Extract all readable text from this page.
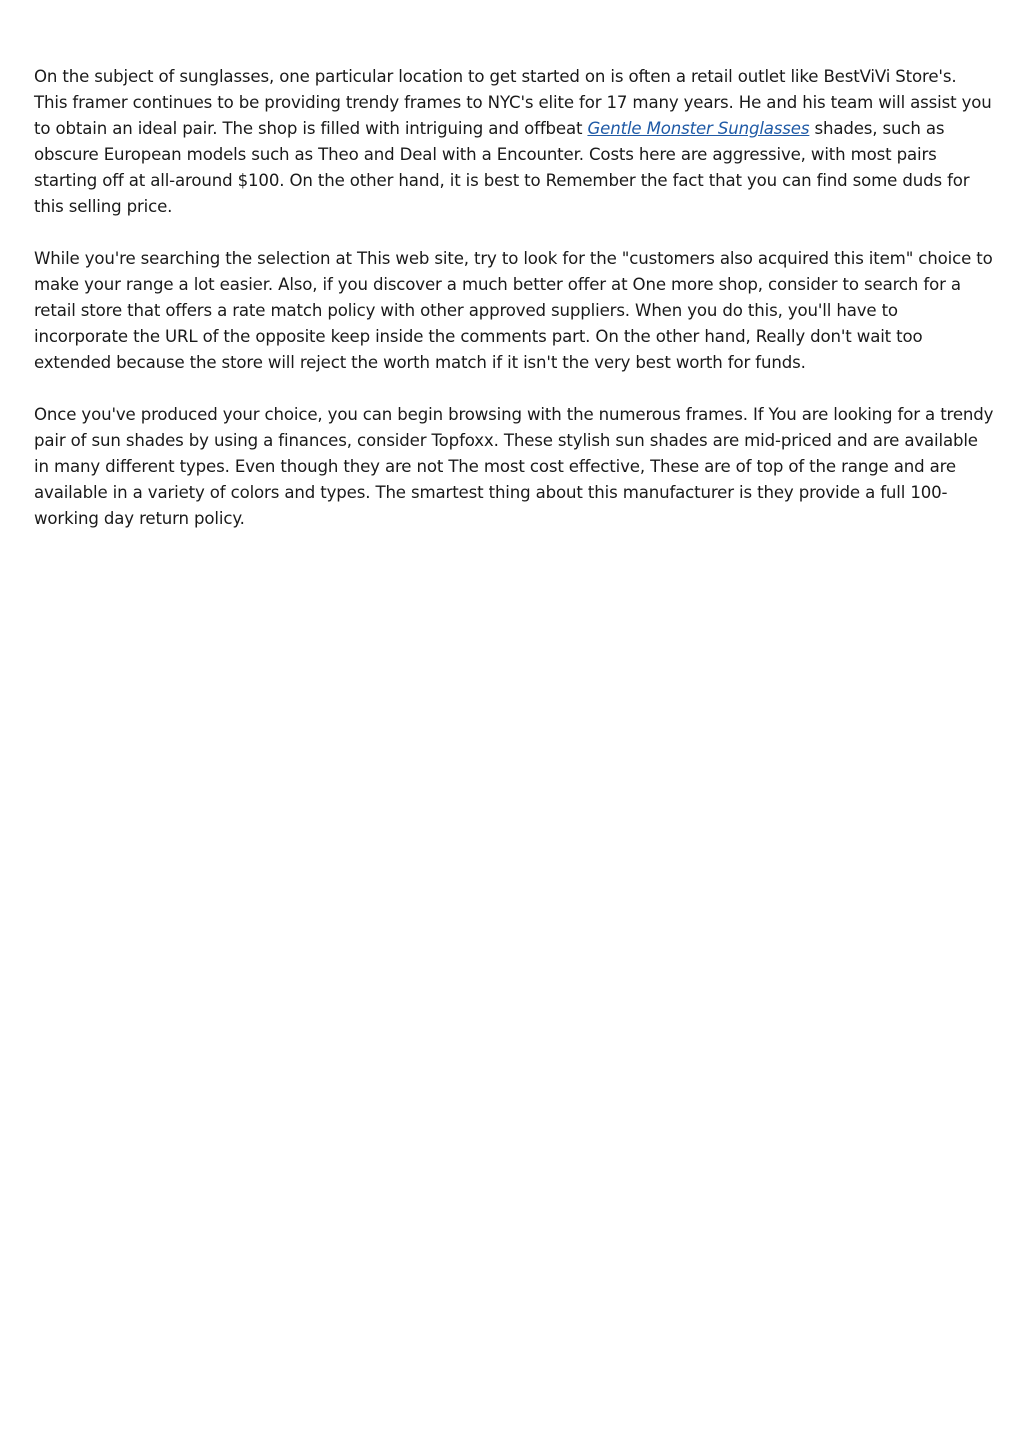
On the subject of sunglasses, one particular location to get started on is often a retail outlet like BestViVi Store's. This framer continues to be providing trendy frames to NYC's elite for 17 many years. He and his team will assist you to obtain an ideal pair. The shop is filled with intriguing and offbeat Gentle Monster Sunglasses shades, such as obscure European models such as Theo and Deal with a Encounter. Costs here are aggressive, with most pairs starting off at all-around $100. On the other hand, it is best to Remember the fact that you can find some duds for this selling price.

While you're searching the selection at This web site, try to look for the "customers also acquired this item" choice to make your range a lot easier. Also, if you discover a much better offer at One more shop, consider to search for a retail store that offers a rate match policy with other approved suppliers. When you do this, you'll have to incorporate the URL of the opposite keep inside the comments part. On the other hand, Really don't wait too extended because the store will reject the worth match if it isn't the very best worth for funds.

Once you've produced your choice, you can begin browsing with the numerous frames. If You are looking for a trendy pair of sun shades by using a finances, consider Topfoxx. These stylish sun shades are mid-priced and are available in many different types. Even though they are not The most cost effective, These are of top of the range and are available in a variety of colors and types. The smartest thing about this manufacturer is they provide a full 100-working day return policy.
